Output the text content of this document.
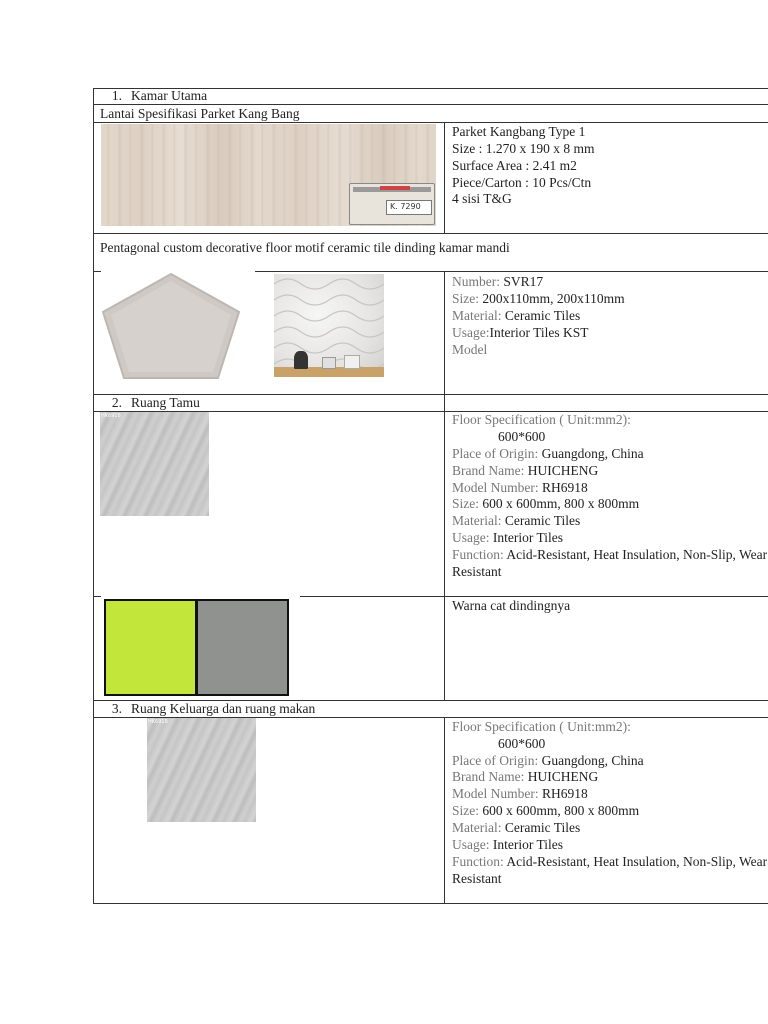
1. Kamar Utama
Lantai Spesifikasi Parket Kang Bang
K. 7290
Parket Kangbang Type 1
Size : 1.270 x 190 x 8 mm
Surface Area : 2.41 m2
Piece/Carton : 10 Pcs/Ctn
4 sisi T&G
Pentagonal custom decorative floor motif ceramic tile dinding kamar mandi
Number: SVR17
Size: 200x110mm, 200x110mm
Material: Ceramic Tiles
Usage:Interior Tiles KST
Model
2. Ruang Tamu
HK6918	Floor Specification ( Unit:mm2):
600*600
Place of Origin: Guangdong, China
Brand Name: HUICHENG
Model Number: RH6918
Size: 600 x 600mm, 800 x 800mm
Material: Ceramic Tiles
Usage: Interior Tiles
Function: Acid-Resistant, Heat Insulation, Non-Slip, Wear
Resistant
Warna cat dindingnya
3. Ruang Keluarga dan ruang makan
HK6918	Floor Specification ( Unit:mm2):
600*600
Place of Origin: Guangdong, China
Brand Name: HUICHENG
Model Number: RH6918
Size: 600 x 600mm, 800 x 800mm
Material: Ceramic Tiles
Usage: Interior Tiles
Function: Acid-Resistant, Heat Insulation, Non-Slip, Wear
Resistant
